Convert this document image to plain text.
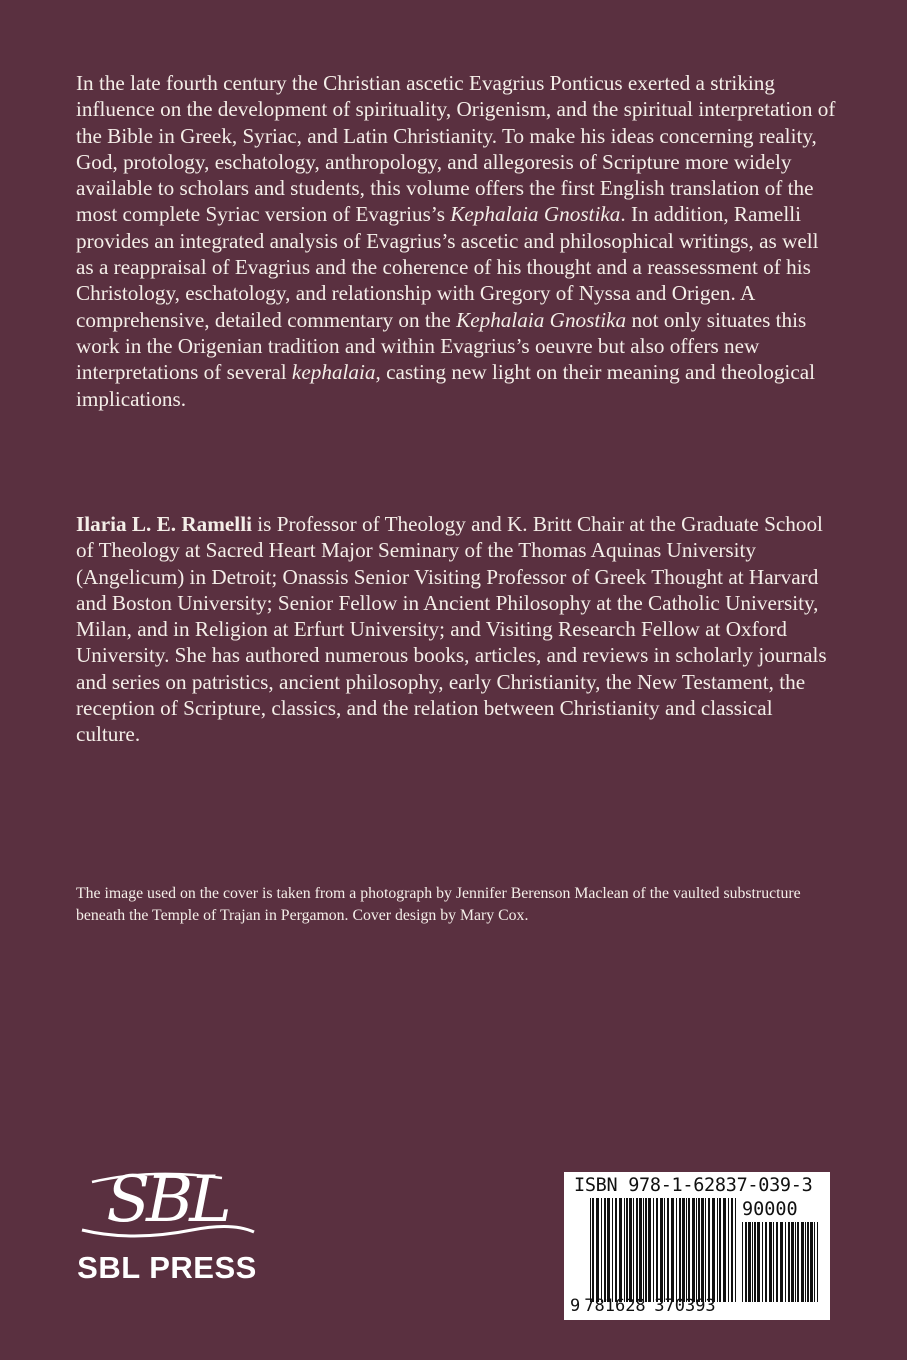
In the late fourth century the Christian ascetic Evagrius Ponticus exerted a striking influence on the development of spirituality, Origenism, and the spiritual interpretation of the Bible in Greek, Syriac, and Latin Christianity. To make his ideas concerning reality, God, protology, eschatology, anthropology, and allegoresis of Scripture more widely available to scholars and students, this volume offers the first English translation of the most complete Syriac version of Evagrius’s Kephalaia Gnostika. In addition, Ramelli provides an integrated analysis of Evagrius’s ascetic and philosophical writings, as well as a reappraisal of Evagrius and the coherence of his thought and a reassessment of his Christology, eschatology, and relationship with Gregory of Nyssa and Origen. A comprehensive, detailed commentary on the Kephalaia Gnostika not only situates this work in the Origenian tradition and within Evagrius’s oeuvre but also offers new interpretations of several kephalaia, casting new light on their meaning and theological implications.

Ilaria L. E. Ramelli is Professor of Theology and K. Britt Chair at the Graduate School of Theology at Sacred Heart Major Seminary of the Thomas Aquinas University (Angelicum) in Detroit; Onassis Senior Visiting Professor of Greek Thought at Harvard and Boston University; Senior Fellow in Ancient Philosophy at the Catholic University, Milan, and in Religion at Erfurt University; and Visiting Research Fellow at Oxford University. She has authored numerous books, articles, and reviews in scholarly journals and series on patristics, ancient philosophy, early Christianity, the New Testament, the reception of Scripture, classics, and the relation between Christianity and classical culture.

The image used on the cover is taken from a photograph by Jennifer Berenson Maclean of the vaulted substructure beneath the Temple of Trajan in Pergamon. Cover design by Mary Cox.

SBL
SBL PRESS
ISBN 978-1-62837-039-3
90000
9 781628 370393
